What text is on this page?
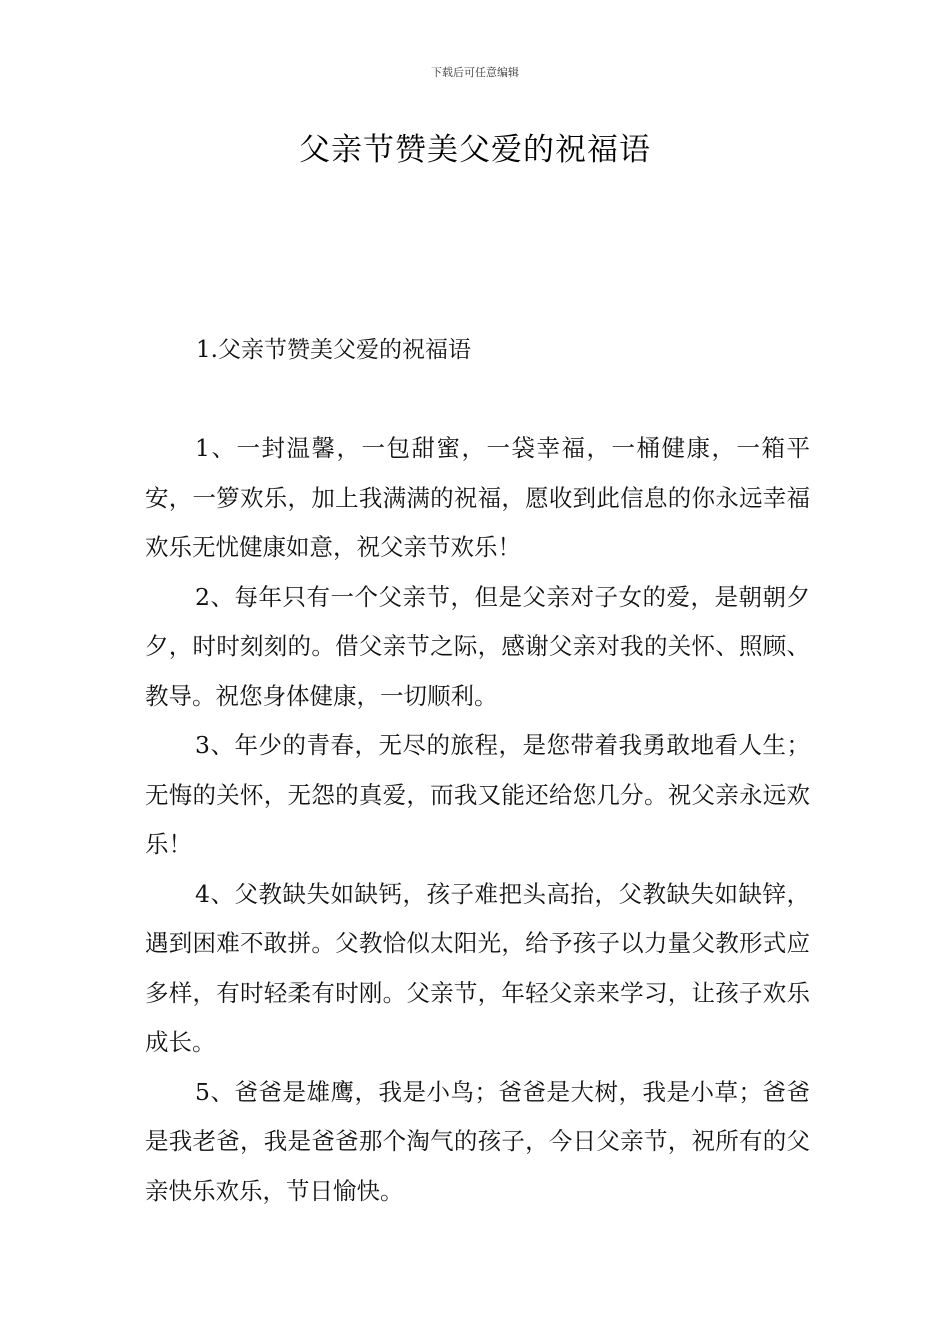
下载后可任意编辑
父亲节赞美父爱的祝福语
1.父亲节赞美父爱的祝福语

1、一封温馨，一包甜蜜，一袋幸福，一桶健康，一箱平安，一箩欢乐，加上我满满的祝福，愿收到此信息的你永远幸福欢乐无忧健康如意，祝父亲节欢乐！

2、每年只有一个父亲节，但是父亲对子女的爱，是朝朝夕夕，时时刻刻的。借父亲节之际，感谢父亲对我的关怀、照顾、教导。祝您身体健康，一切顺利。

3、年少的青春，无尽的旅程，是您带着我勇敢地看人生；无悔的关怀，无怨的真爱，而我又能还给您几分。祝父亲永远欢乐！

4、父教缺失如缺钙，孩子难把头高抬，父教缺失如缺锌，遇到困难不敢拼。父教恰似太阳光，给予孩子以力量父教形式应多样，有时轻柔有时刚。父亲节，年轻父亲来学习，让孩子欢乐成长。

5、爸爸是雄鹰，我是小鸟；爸爸是大树，我是小草；爸爸是我老爸，我是爸爸那个淘气的孩子，今日父亲节，祝所有的父亲快乐欢乐，节日愉快。
